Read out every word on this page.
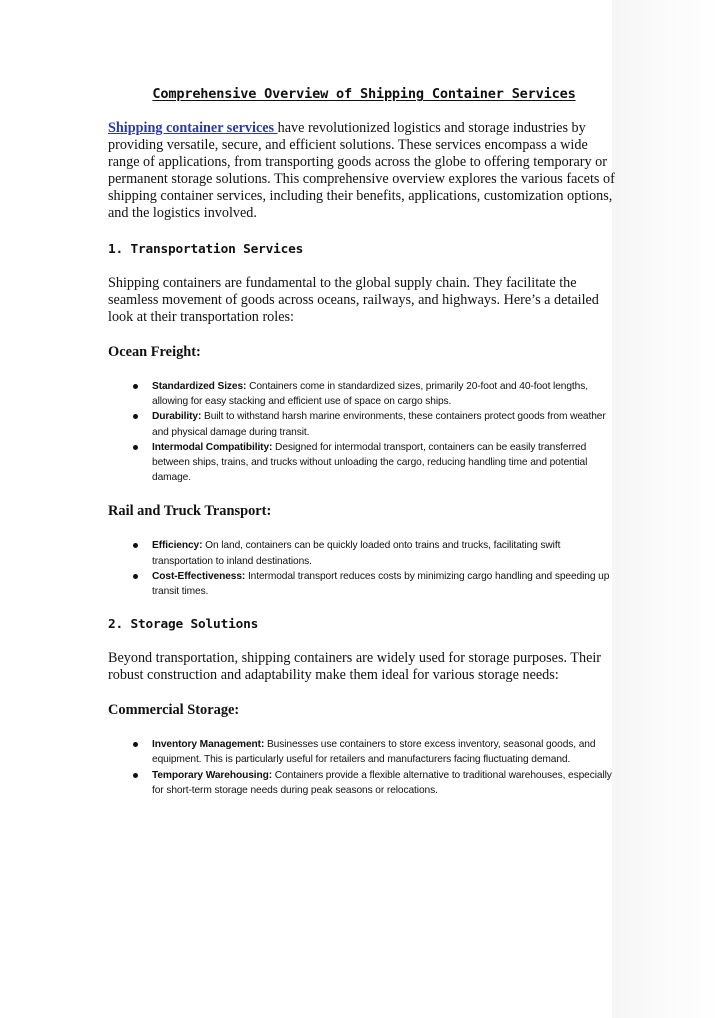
Comprehensive Overview of Shipping Container Services

Shipping container services have revolutionized logistics and storage industries by providing versatile, secure, and efficient solutions. These services encompass a wide range of applications, from transporting goods across the globe to offering temporary or permanent storage solutions. This comprehensive overview explores the various facets of shipping container services, including their benefits, applications, customization options, and the logistics involved.

1. Transportation Services

Shipping containers are fundamental to the global supply chain. They facilitate the seamless movement of goods across oceans, railways, and highways. Here’s a detailed look at their transportation roles:

Ocean Freight:
Standardized Sizes: Containers come in standardized sizes, primarily 20-foot and 40-foot lengths, allowing for easy stacking and efficient use of space on cargo ships.
Durability: Built to withstand harsh marine environments, these containers protect goods from weather and physical damage during transit.
Intermodal Compatibility: Designed for intermodal transport, containers can be easily transferred between ships, trains, and trucks without unloading the cargo, reducing handling time and potential damage.
Rail and Truck Transport:
Efficiency: On land, containers can be quickly loaded onto trains and trucks, facilitating swift transportation to inland destinations.
Cost-Effectiveness: Intermodal transport reduces costs by minimizing cargo handling and speeding up transit times.
2. Storage Solutions

Beyond transportation, shipping containers are widely used for storage purposes. Their robust construction and adaptability make them ideal for various storage needs:

Commercial Storage:
Inventory Management: Businesses use containers to store excess inventory, seasonal goods, and equipment. This is particularly useful for retailers and manufacturers facing fluctuating demand.
Temporary Warehousing: Containers provide a flexible alternative to traditional warehouses, especially for short-term storage needs during peak seasons or relocations.
